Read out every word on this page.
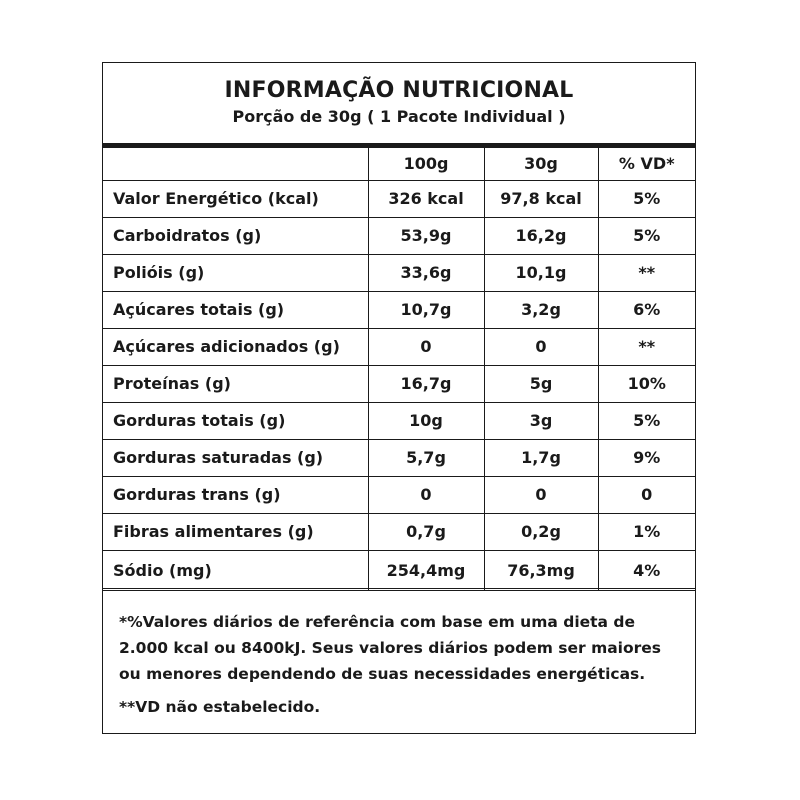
INFORMAÇÃO NUTRICIONAL
Porção de 30g ( 1 Pacote Individual )
	100g	30g	% VD*
Valor Energético (kcal)	326 kcal	97,8 kcal	5%
Carboidratos (g)	53,9g	16,2g	5%
Polióis (g)	33,6g	10,1g	**
Açúcares totais (g)	10,7g	3,2g	6%
Açúcares adicionados (g)	0	0	**
Proteínas (g)	16,7g	5g	10%
Gorduras totais (g)	10g	3g	5%
Gorduras saturadas (g)	5,7g	1,7g	9%
Gorduras trans (g)	0	0	0
Fibras alimentares (g)	0,7g	0,2g	1%
Sódio (mg)	254,4mg	76,3mg	4%
*%Valores diários de referência com base em uma dieta de 2.000 kcal ou 8400kJ. Seus valores diários podem ser maiores ou menores dependendo de suas necessidades energéticas.
**VD não estabelecido.
